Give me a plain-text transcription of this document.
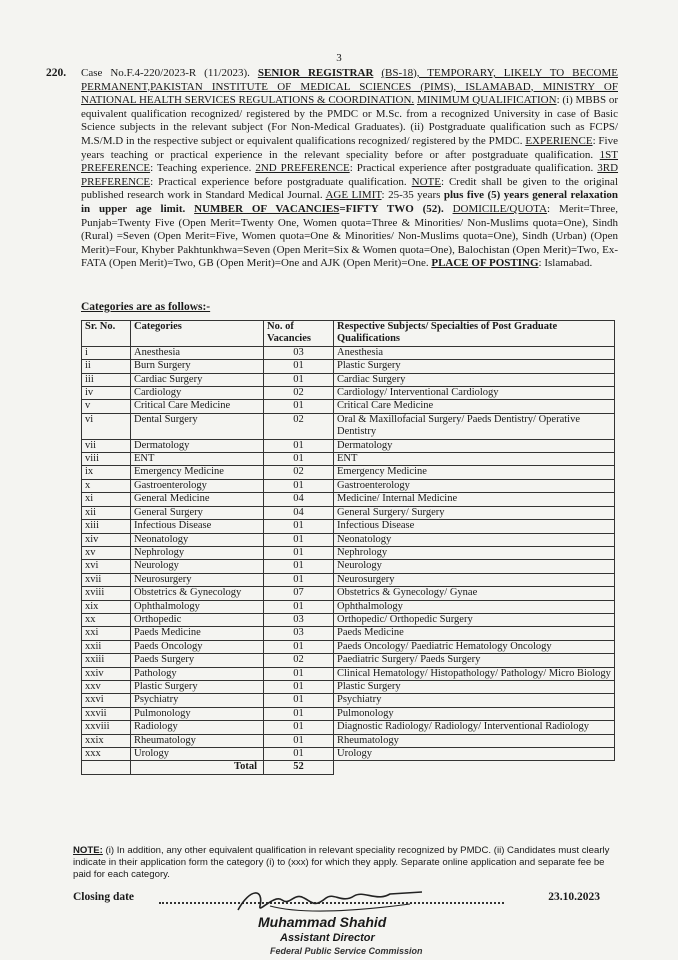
3
220. Case No.F.4-220/2023-R (11/2023). SENIOR REGISTRAR (BS-18), TEMPORARY, LIKELY TO BECOME PERMANENT,PAKISTAN INSTITUTE OF MEDICAL SCIENCES (PIMS), ISLAMABAD, MINISTRY OF NATIONAL HEALTH SERVICES REGULATIONS & COORDINATION. MINIMUM QUALIFICATION: (i) MBBS or equivalent qualification recognized/ registered by the PMDC or M.Sc. from a recognized University in case of Basic Science subjects in the relevant subject (For Non-Medical Graduates). (ii) Postgraduate qualification such as FCPS/ M.S/M.D in the respective subject or equivalent qualifications recognized/ registered by the PMDC. EXPERIENCE: Five years teaching or practical experience in the relevant speciality before or after postgraduate qualification. 1ST PREFERENCE: Teaching experience. 2ND PREFERENCE: Practical experience after postgraduate qualification. 3RD PREFERENCE: Practical experience before postgraduate qualification. NOTE: Credit shall be given to the original published research work in Standard Medical Journal. AGE LIMIT: 25-35 years plus five (5) years general relaxation in upper age limit. NUMBER OF VACANCIES=FIFTY TWO (52). DOMICILE/QUOTA: Merit=Three, Punjab=Twenty Five (Open Merit=Twenty One, Women quota=Three & Minorities/ Non-Muslims quota=One), Sindh (Rural) =Seven (Open Merit=Five, Women quota=One & Minorities/ Non-Muslims quota=One), Sindh (Urban) (Open Merit)=Four, Khyber Pakhtunkhwa=Seven (Open Merit=Six & Women quota=One), Balochistan (Open Merit)=Two, Ex-FATA (Open Merit)=Two, GB (Open Merit)=One and AJK (Open Merit)=One. PLACE OF POSTING: Islamabad.
Categories are as follows:-
Sr. No.	Categories	No. of Vacancies	Respective Subjects/ Specialties of Post Graduate Qualifications
i	Anesthesia	03	Anesthesia
ii	Burn Surgery	01	Plastic Surgery
iii	Cardiac Surgery	01	Cardiac Surgery
iv	Cardiology	02	Cardiology/ Interventional Cardiology
v	Critical Care Medicine	01	Critical Care Medicine
vi	Dental Surgery	02	Oral & Maxillofacial Surgery/ Paeds Dentistry/ Operative Dentistry
vii	Dermatology	01	Dermatology
viii	ENT	01	ENT
ix	Emergency Medicine	02	Emergency Medicine
x	Gastroenterology	01	Gastroenterology
xi	General Medicine	04	Medicine/ Internal Medicine
xii	General Surgery	04	General Surgery/ Surgery
xiii	Infectious Disease	01	Infectious Disease
xiv	Neonatology	01	Neonatology
xv	Nephrology	01	Nephrology
xvi	Neurology	01	Neurology
xvii	Neurosurgery	01	Neurosurgery
xviii	Obstetrics & Gynecology	07	Obstetrics & Gynecology/ Gynae
xix	Ophthalmology	01	Ophthalmology
xx	Orthopedic	03	Orthopedic/ Orthopedic Surgery
xxi	Paeds Medicine	03	Paeds Medicine
xxii	Paeds Oncology	01	Paeds Oncology/ Paediatric Hematology Oncology
xxiii	Paeds Surgery	02	Paediatric Surgery/ Paeds Surgery
xxiv	Pathology	01	Clinical Hematology/ Histopathology/ Pathology/ Micro Biology
xxv	Plastic Surgery	01	Plastic Surgery
xxvi	Psychiatry	01	Psychiatry
xxvii	Pulmonology	01	Pulmonology
xxviii	Radiology	01	Diagnostic Radiology/ Radiology/ Interventional Radiology
xxix	Rheumatology	01	Rheumatology
xxx	Urology	01	Urology
	Total	52	
NOTE: (i) In addition, any other equivalent qualification in relevant speciality recognized by PMDC. (ii) Candidates must clearly indicate in their application form the category (i) to (xxx) for which they apply. Separate online application and separate fee be paid for each category.
Closing date	23.10.2023
Muhammad Shahid
Assistant Director
Federal Public Service Commission
